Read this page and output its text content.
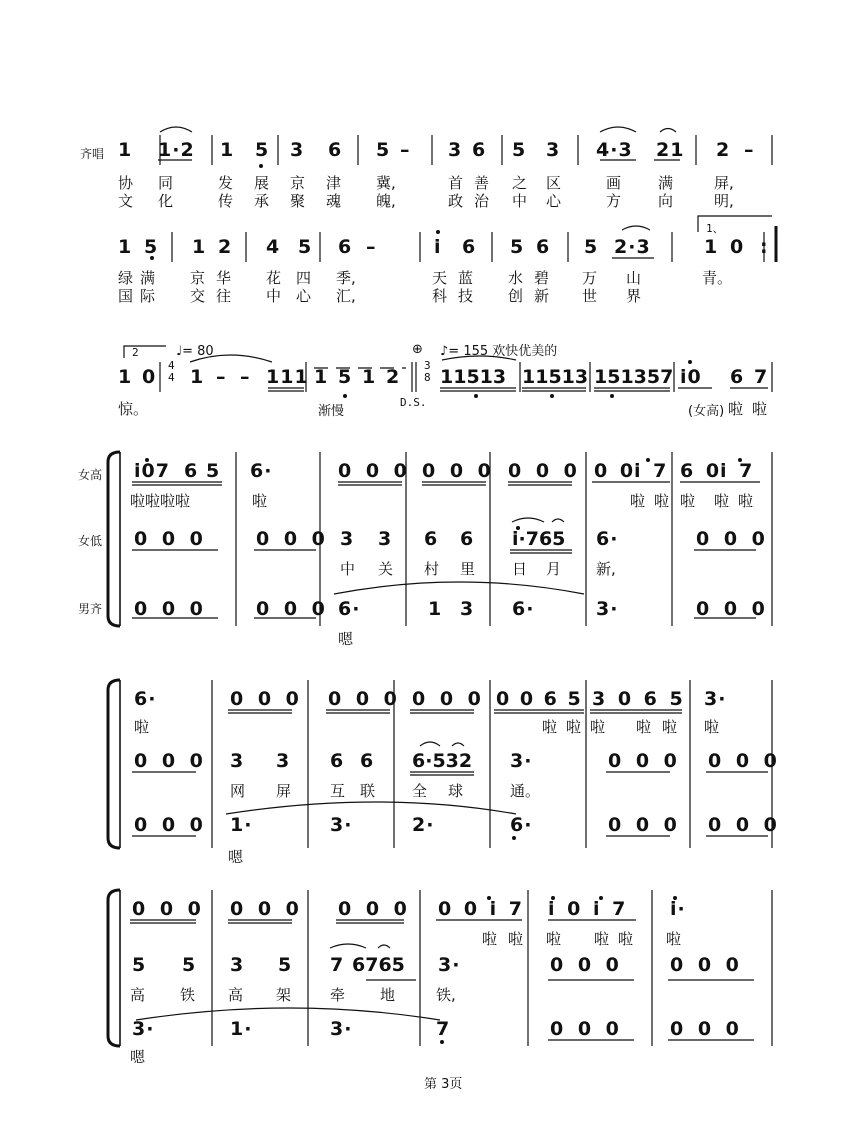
齐唱 1 1·2 1 5 3 6 5 – 3 6 5 3 4·3 21 2 –
协 同	发 展 京 津 冀,	首 善 之 区	画 满	屏,
文 化	传 承 聚 魂 魄,	政 治 中 心	方 向	明,
1 5 1 2 4 5 6 –	i 6 5 6 5 2·3	1 0 :
1、
绿 满 京 华 花 四 季,	天 蓝 水 碧 万 山	青。
国 际 交 往 中 心 汇,	科 技 创 新 世 界
2	♩= 80	♪= 155 欢快优美的
⊕
4
4
3
8
1 0 1 – – 111 1 5 1 2 11513 11513 151357 i0 6 7
惊。	渐慢
D.S.
(女高) 啦 啦
女高
女低
男齐
i07 6 5 6·	0 0 0 0 0 0 0 0 0 0 0i 7 6 0i 7
啦啦啦啦	啦	啦 啦 啦 啦 啦
0 0 0	0 0 0 3 3 6 6 i·765 6·	0 0 0
中 关 村 里 日 月 新,
0 0 0	0 0 0 6·	1 3 6·	3·	0 0 0
嗯
6·	0 0 0 0 0 0 0 0 0 0 0 6 5 3 0 6 5 3·
啦	啦 啦 啦 啦 啦 啦
0 0 0 3 3 6 6 6·532 3·	0 0 0 0 0 0
网 屏	互 联 全 球	通。
0 0 0 1·	3·	2·	6·	0 0 0 0 0 0
嗯
0 0 0 0 0 0 0 0 0 0 0 i 7 i 0 i 7 i·
啦 啦 啦 啦 啦 啦
5 5 3 5 7 6765 3·	0 0 0	0 0 0
高 铁 高 架	牵 地	铁,
3·	1·	3·	7	0 0 0	0 0 0
嗯
第 3页
